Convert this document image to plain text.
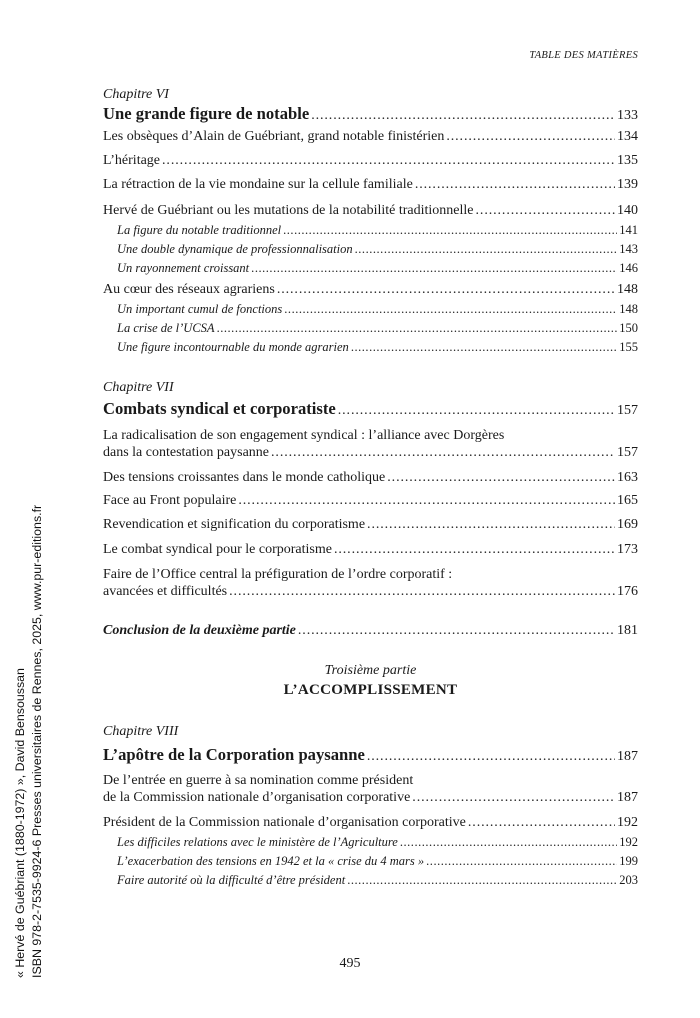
TABLE DES MATIÈRES
« Hervé de Guébriant (1880-1972) », David Bensoussan ISBN 978-2-7535-9924-6 Presses universitaires de Rennes, 2025, www.pur-editions.fr
Chapitre VI
Une grande figure de notable . . .	133
Les obsèques d’Alain de Guébriant, grand notable finistérien . . .	134
L’héritage . . .	135
La rétraction de la vie mondaine sur la cellule familiale . . .	139
Hervé de Guébriant ou les mutations de la notabilité traditionnelle . . .	140
La figure du notable traditionnel . . .	141
Une double dynamique de professionnalisation . . .	143
Un rayonnement croissant . . .	146
Au cœur des réseaux agrariens . . .	148
Un important cumul de fonctions . . .	148
La crise de l’UCSA . . .	150
Une figure incontournable du monde agrarien . . .	155
Chapitre VII
Combats syndical et corporatiste . . .	157
La radicalisation de son engagement syndical : l’alliance avec Dorgères
dans la contestation paysanne . . .	157
Des tensions croissantes dans le monde catholique . . .	163
Face au Front populaire . . .	165
Revendication et signification du corporatisme . . .	169
Le combat syndical pour le corporatisme . . .	173
Faire de l’Office central la préfiguration de l’ordre corporatif :
avancées et difficultés . . .	176
Conclusion de la deuxième partie . . .	181
Troisième partie
L’ACCOMPLISSEMENT
Chapitre VIII
L’apôtre de la Corporation paysanne . . .	187
De l’entrée en guerre à sa nomination comme président
de la Commission nationale d’organisation corporative . . .	187
Président de la Commission nationale d’organisation corporative . . .	192
Les difficiles relations avec le ministère de l’Agriculture . . .	192
L’exacerbation des tensions en 1942 et la « crise du 4 mars » . . .	199
Faire autorité où la difficulté d’être président . . .	203
495
